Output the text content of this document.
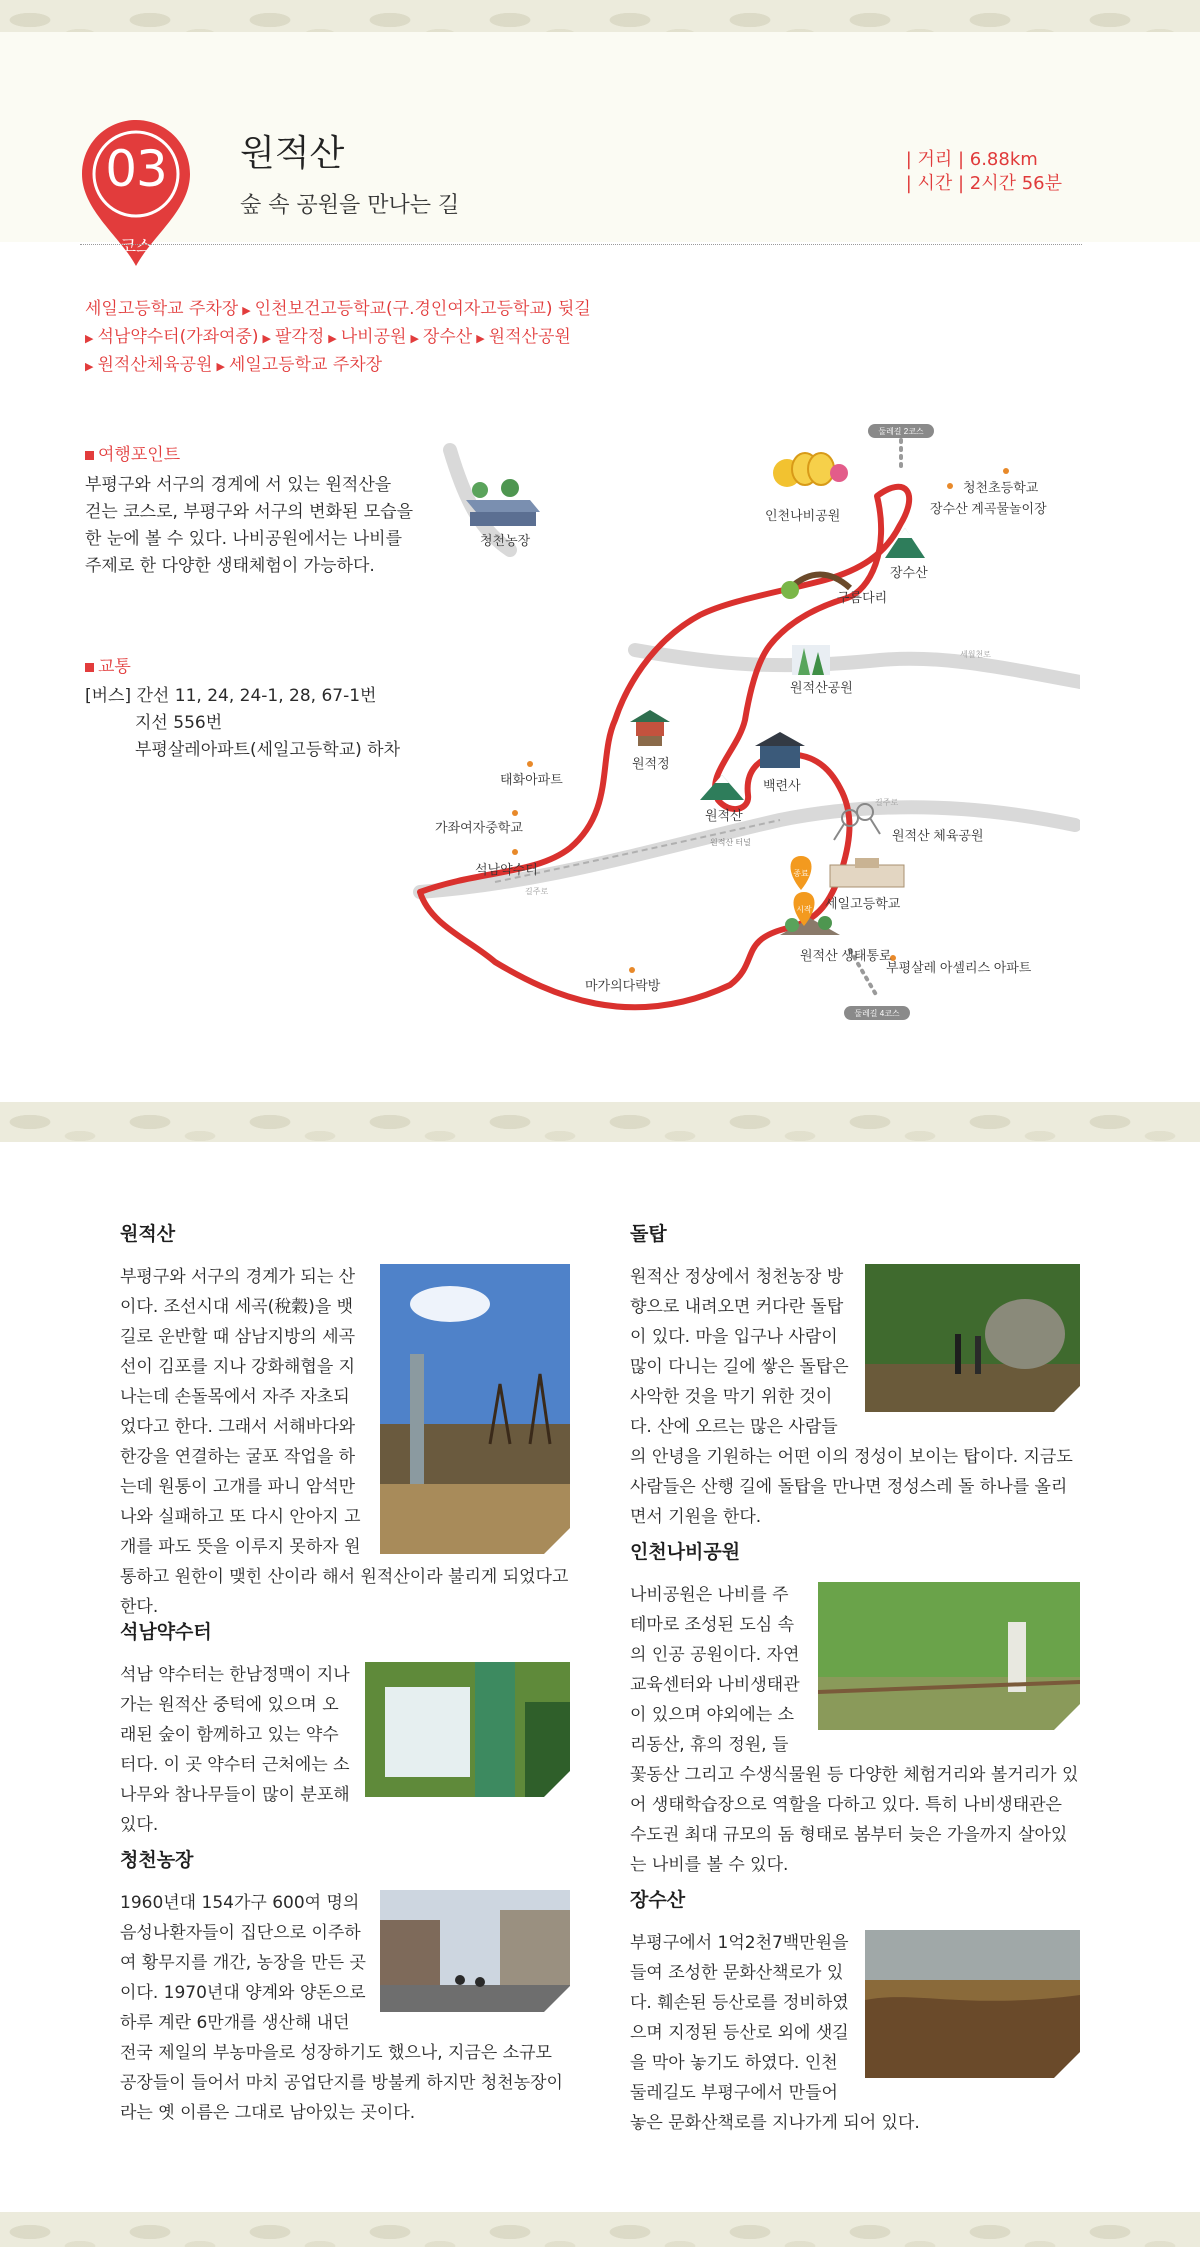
03
코스
원적산
숲 속 공원을 만나는 길
| 거리 | 6.88km
| 시간 | 2시간 56분
세일고등학교 주차장 ▶ 인천보건고등학교(구.경인여자고등학교) 뒷길
▶ 석남약수터(가좌여중) ▶ 팔각정 ▶ 나비공원 ▶ 장수산 ▶ 원적산공원
▶ 원적산체육공원 ▶ 세일고등학교 주차장
여행포인트
부평구와 서구의 경계에 서 있는 원적산을
걷는 코스로, 부평구와 서구의 변화된 모습을
한 눈에 볼 수 있다. 나비공원에서는 나비를
주제로 한 다양한 생태체험이 가능하다.
교통
[버스] 간선 11, 24, 24-1, 28, 67-1번
지선 556번
부평살레아파트(세일고등학교) 하차
둘레길 2코스
둘레길 4코스
종료
시작
청천초등학교
장수산 계곡물놀이장
청천농장
인천나비공원
장수산
구름다리
원적산공원
세월천로
원적정
태화아파트	백련사
가좌여자중학교
원적산
원적산 터널
길주로
원적산 체육공원
석남약수터
길주로
세일고등학교
원적산 생태통로
마가의다락방
부평살레 아셀리스 아파트
원적산

부평구와 서구의 경계가 되는 산이다. 조선시대 세곡(稅穀)을 뱃길로 운반할 때 삼남지방의 세곡선이 김포를 지나 강화해협을 지나는데 손돌목에서 자주 자초되었다고 한다. 그래서 서해바다와 한강을 연결하는 굴포 작업을 하는데 원통이 고개를 파니 암석만 나와 실패하고 또 다시 안아지 고개를 파도 뜻을 이루지 못하자 원통하고 원한이 맺힌 산이라 해서 원적산이라 불리게 되었다고 한다.

석남약수터

석남 약수터는 한남정맥이 지나가는 원적산 중턱에 있으며 오래된 숲이 함께하고 있는 약수터다. 이 곳 약수터 근처에는 소나무와 참나무들이 많이 분포해 있다.

청천농장

1960년대 154가구 600여 명의 음성나환자들이 집단으로 이주하여 황무지를 개간, 농장을 만든 곳이다. 1970년대 양계와 양돈으로 하루 계란 6만개를 생산해 내던 전국 제일의 부농마을로 성장하기도 했으나, 지금은 소규모 공장들이 들어서 마치 공업단지를 방불케 하지만 청천농장이라는 옛 이름은 그대로 남아있는 곳이다.

돌탑

원적산 정상에서 청천농장 방향으로 내려오면 커다란 돌탑이 있다. 마을 입구나 사람이 많이 다니는 길에 쌓은 돌탑은 사악한 것을 막기 위한 것이다. 산에 오르는 많은 사람들의 안녕을 기원하는 어떤 이의 정성이 보이는 탑이다. 지금도 사람들은 산행 길에 돌탑을 만나면 정성스레 돌 하나를 올리면서 기원을 한다.

인천나비공원

나비공원은 나비를 주테마로 조성된 도심 속의 인공 공원이다. 자연 교육센터와 나비생태관이 있으며 야외에는 소리동산, 휴의 정원, 들꽃동산 그리고 수생식물원 등 다양한 체험거리와 볼거리가 있어 생태학습장으로 역할을 다하고 있다. 특히 나비생태관은 수도권 최대 규모의 돔 형태로 봄부터 늦은 가을까지 살아있는 나비를 볼 수 있다.

장수산

부평구에서 1억2천7백만원을 들여 조성한 문화산책로가 있다. 훼손된 등산로를 정비하였으며 지정된 등산로 외에 샛길을 막아 놓기도 하였다. 인천둘레길도 부평구에서 만들어놓은 문화산책로를 지나가게 되어 있다.
